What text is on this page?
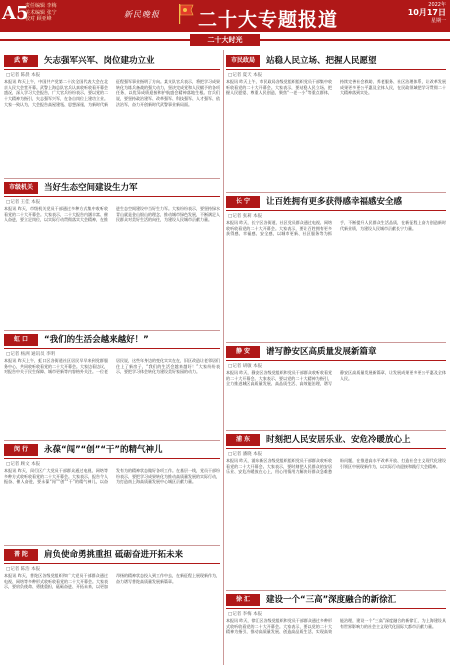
A5
责任编辑 李梅
美术编辑 张宁
校对 顾亚峰	新民晚报 二十大专题报道
2022年
10月17日
星期一
二十大时光
武 警	矢志强军兴军、岗位建功立业
□记者 陈晨 本报
本报讯 昨天上午，中国共产党第二十次全国代表大会在北京人民大会堂开幕。武警上海总队官兵认真收听收看开幕会盛况，深入学习大会报告，广大官兵纷纷表示，要以党的二十大精神为指引，矢志强军兴军，在各自岗位上建功立业。大家一致认为，大会报告高屋建瓴、思想深邃，为新时代新征程强军事业指明了方向。某支队官兵表示，将把学习成果转化为练兵备战的强大动力，坚决完成党和人民赋予的各项任务，以优异成绩迎接和护航盛会精神落地生根。官兵们说，要坚持政治建军、改革强军、科技强军、人才强军、依法治军，奋力开创新时代武警事业新局面。
市级机关	当好生态空间建设生力军
□记者 王佳 本报
本报讯 昨天，市级机关党员干部通过多种方式集中收听收看党的二十大开幕会。大家表示，二十大报告内涵丰富、催人奋进，要立足岗位，以实际行动贯彻落实大会精神，在推进生态空间建设中当好生力军。大家纷纷表示，要坚持绿水青山就是金山银山的理念，推动城市绿色发展，不断满足人民群众对美好生活的向往，为建设人民城市贡献力量。
虹 口	“我们的生活会越来越好！”
□记者 杨洲 通讯员 李明
本报讯 昨天上午，虹口区各街道社区居民早早来到党群服务中心，共同收听收看党的二十大开幕会。大家边看边议，对报告中关于民生保障、城市更新等内容格外关注。一位老居民说，这些年身边的变化实实在在，旧区改造让老邻居们住上了新房子，“我们的生活会越来越好！”大家纷纷表示，要把学习体会转化为建设美好家园的动力。
闵 行	永葆“闯”“创”“干”的精气神儿
□记者 顾文 本报
本报讯 昨天，闵行区广大党员干部群众通过电视、网络等多种方式收听收看党的二十大开幕会。大家表示，报告令人振奋、催人奋进，要永葆“闯”“创”“干”的精气神儿，以奋发有为的精神状态做好各项工作。在基层一线，党员干部纷纷表示，要把学习成果转化为推动高质量发展的实际行动，为打造南上海高质量发展中心城区贡献力量。
普 陀	肩负使命勇挑重担 砥砺奋进开拓未来
□记者 陈浩 本报
本报讯 昨天，普陀区各级党组织和广大党员干部群众通过电视、网络等多种形式收听收看党的二十大开幕会。大家表示，要肩负使命、勇挑重担，砥砺奋进、开拓未来，以更加昂扬的精神状态投入到工作中去，在新征程上展现新作为，奋力谱写普陀高质量发展新篇章。
市民政局	站稳人民立场、把握人民愿望
□记者 夏天 本报
本报讯 昨天上午，市民政局各级党组织组织党员干部集中收听收看党的二十大开幕会。大家表示，要站稳人民立场、把握人民愿望、尊重人民创造，聚焦“一老一小”等重点群体，持续完善社会救助、养老服务、社区治理体系，让改革发展成果更多更公平惠及全体人民，在民政领域把学习贯彻二十大精神落到实处。
长 宁	让百姓拥有更多获得感幸福感安全感
□记者 张莉 本报
本报讯 昨天，长宁区各街道、社区党员群众通过电视、网络收听收看党的二十大开幕会。大家表示，要让百姓拥有更多获得感、幸福感、安全感，以城市更新、社区服务等为抓手，不断提升人民群众生活品质，在新征程上奋力创造新时代新业绩，为建设人民城市贡献长宁力量。
静 安	谱写静安区高质量发展新篇章
□记者 胡敏 本报
本报讯 昨天，静安区各级党组织和党员干部群众收听收看党的二十大开幕会。大家表示，要以党的二十大精神为指引，全力推进城区高质量发展、高品质生活、高效能治理，谱写静安区高质量发展新篇章，让发展成果更多更公平惠及全体人民。
浦 东	时刻把人民安居乐业、安危冷暖放心上
□记者 潘晓 本报
本报讯 昨天，浦东新区各级党组织组织党员干部群众收听收看党的二十大开幕会。大家表示，要时刻把人民群众的安居乐业、安危冷暖放在心上，用心用情用力解决好群众急难愁盼问题，在推进高水平改革开放、打造社会主义现代化建设引领区中展现新作为，以实际行动迎接和践行大会精神。
徐 汇	建设一个“三高”深度融合的新徐汇
□记者 李梅 本报
本报讯 昨天，徐汇区各级党组织和党员干部群众通过多种形式收听收看党的二十大开幕会。大家表示，要以党的二十大精神为指引，推动高质量发展、创造高品质生活、实现高效能治理，建设一个“三高”深度融合的新徐汇，为上海建设具有世界影响力的社会主义现代化国际大都市贡献力量。
